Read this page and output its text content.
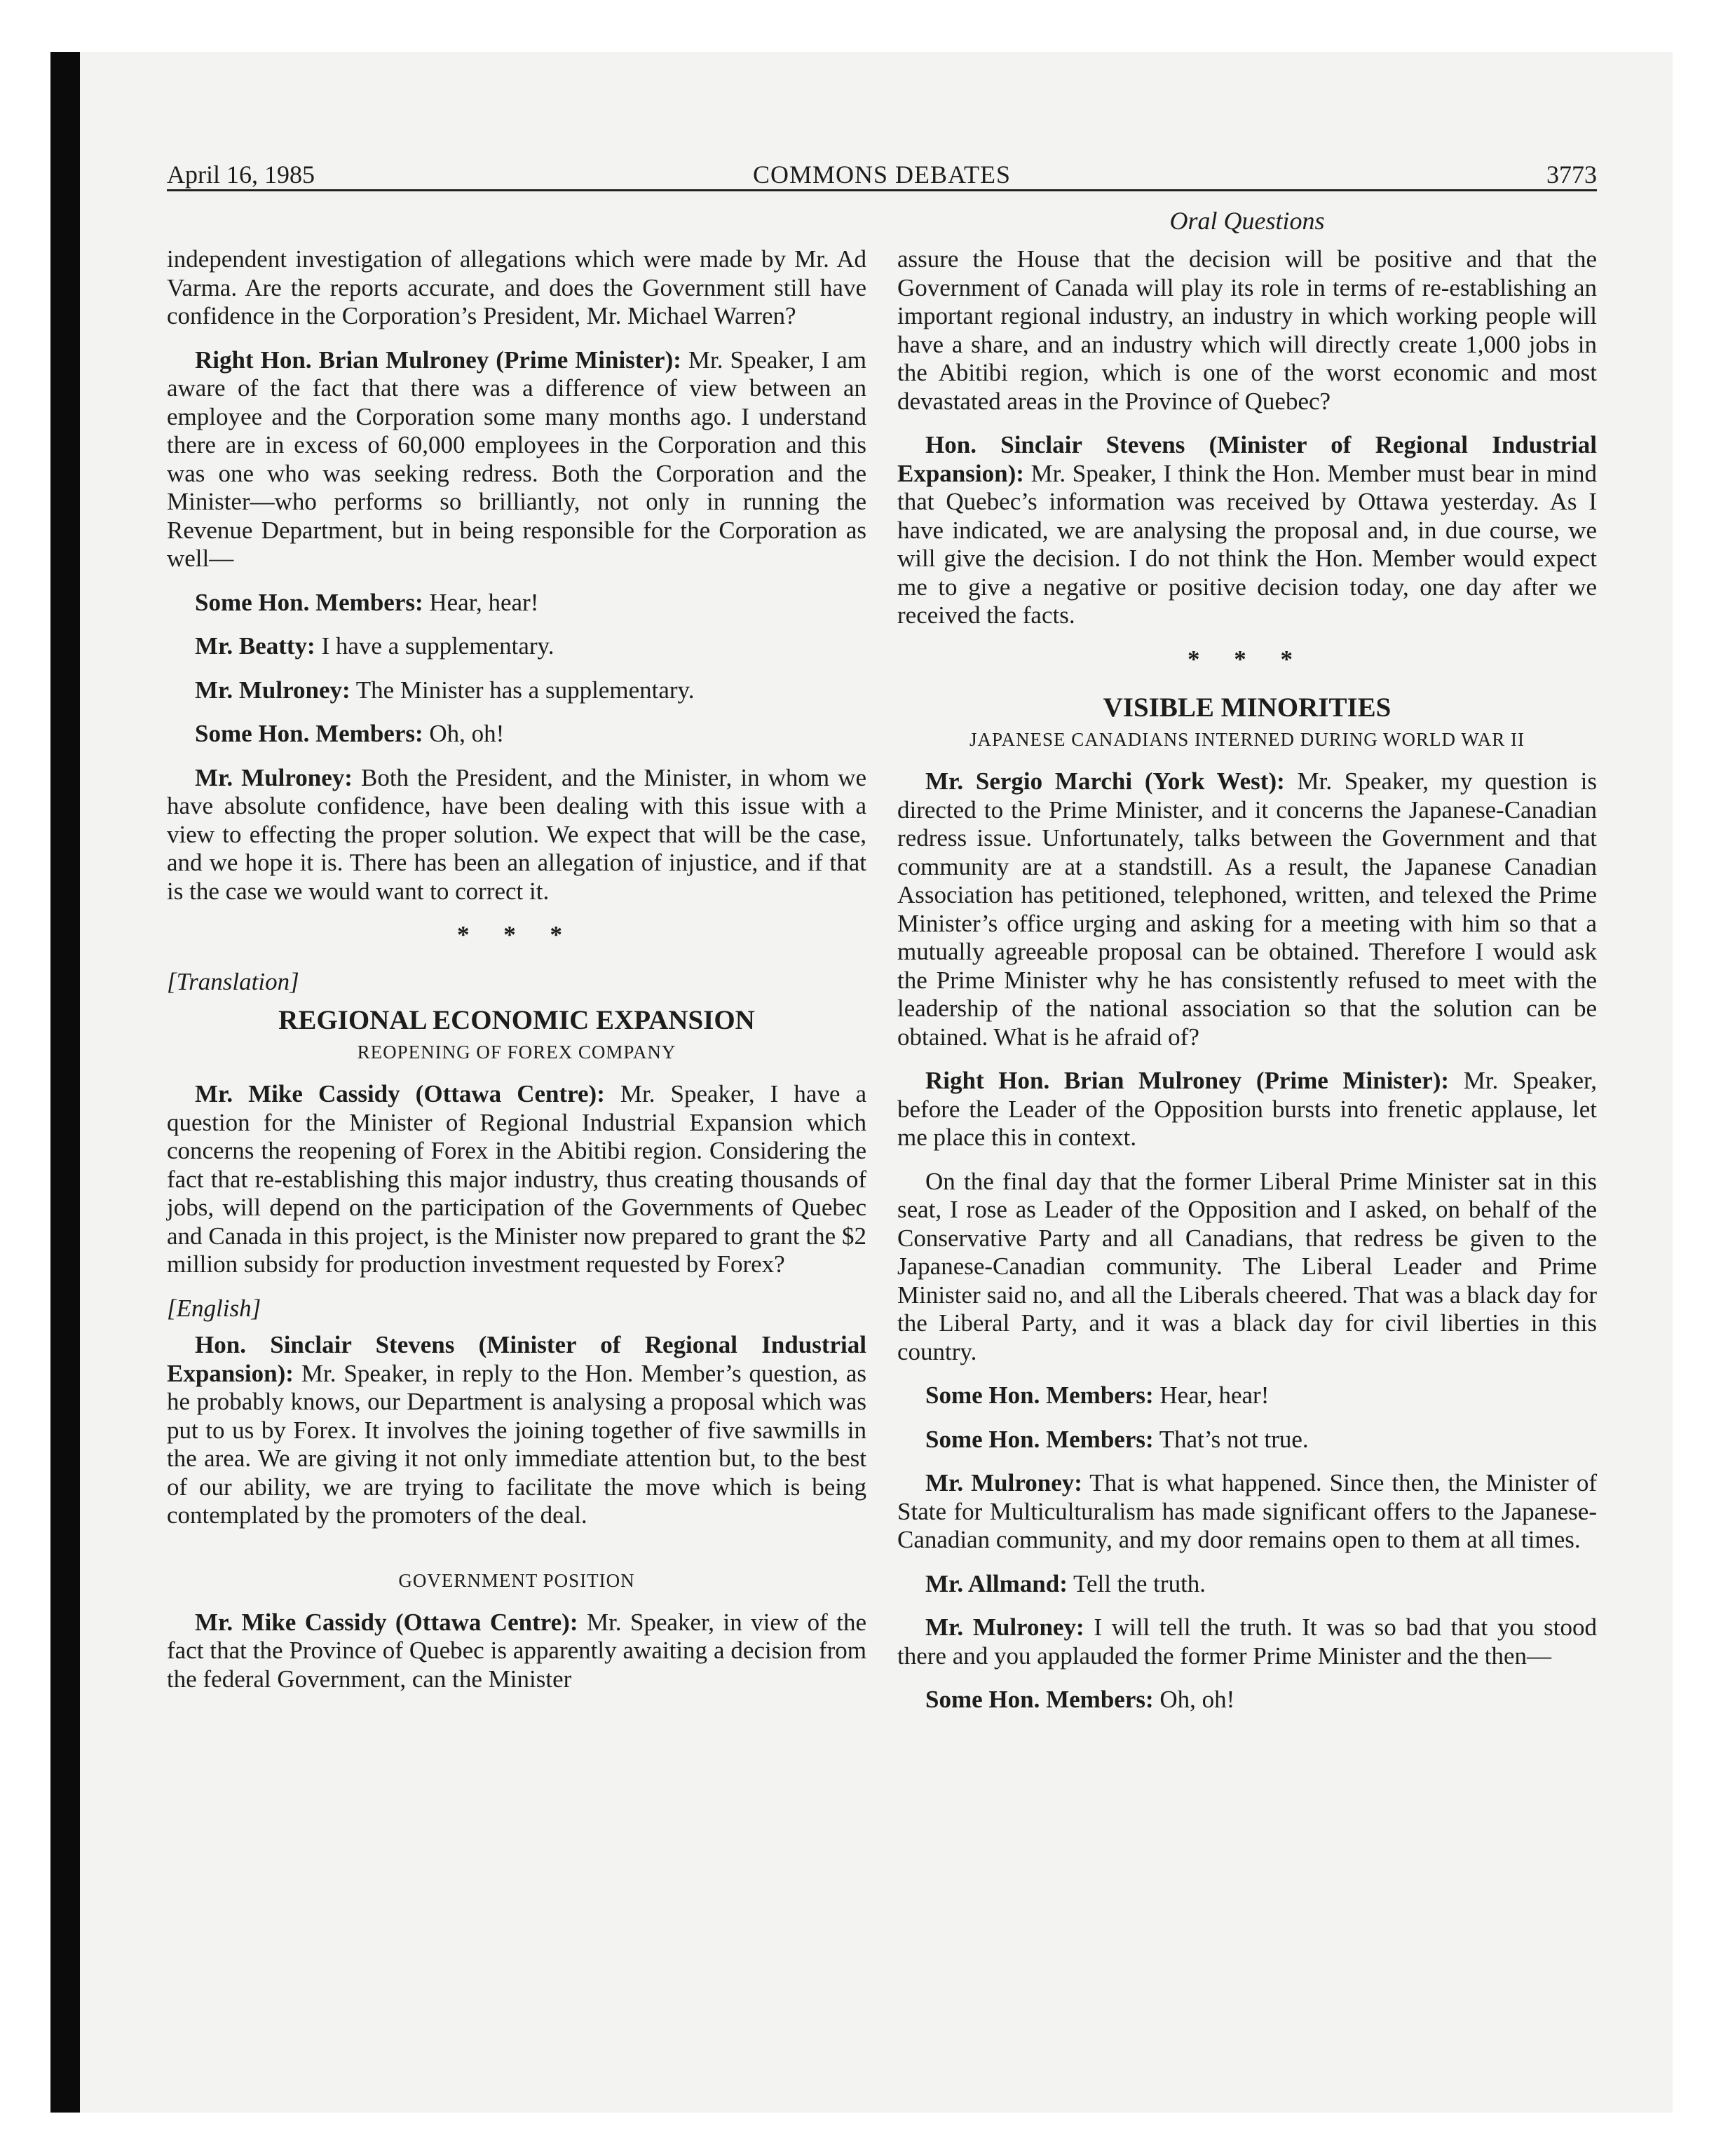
April 16, 1985	COMMONS DEBATES	3773
Oral Questions

independent investigation of allegations which were made by Mr. Ad Varma. Are the reports accurate, and does the Government still have confidence in the Corporation’s President, Mr. Michael Warren?

Right Hon. Brian Mulroney (Prime Minister): Mr. Speaker, I am aware of the fact that there was a difference of view between an employee and the Corporation some many months ago. I understand there are in excess of 60,000 employees in the Corporation and this was one who was seeking redress. Both the Corporation and the Minister—who performs so brilliantly, not only in running the Revenue Department, but in being responsible for the Corporation as well—

Some Hon. Members: Hear, hear!

Mr. Beatty: I have a supplementary.

Mr. Mulroney: The Minister has a supplementary.

Some Hon. Members: Oh, oh!

Mr. Mulroney: Both the President, and the Minister, in whom we have absolute confidence, have been dealing with this issue with a view to effecting the proper solution. We expect that will be the case, and we hope it is. There has been an allegation of injustice, and if that is the case we would want to correct it.

* * *
[Translation]
REGIONAL ECONOMIC EXPANSION
REOPENING OF FOREX COMPANY

Mr. Mike Cassidy (Ottawa Centre): Mr. Speaker, I have a question for the Minister of Regional Industrial Expansion which concerns the reopening of Forex in the Abitibi region. Considering the fact that re-establishing this major industry, thus creating thousands of jobs, will depend on the participation of the Governments of Quebec and Canada in this project, is the Minister now prepared to grant the $2 million subsidy for production investment requested by Forex?

[English]

Hon. Sinclair Stevens (Minister of Regional Industrial Expansion): Mr. Speaker, in reply to the Hon. Member’s question, as he probably knows, our Department is analysing a proposal which was put to us by Forex. It involves the joining together of five sawmills in the area. We are giving it not only immediate attention but, to the best of our ability, we are trying to facilitate the move which is being contemplated by the promoters of the deal.

GOVERNMENT POSITION

Mr. Mike Cassidy (Ottawa Centre): Mr. Speaker, in view of the fact that the Province of Quebec is apparently awaiting a decision from the federal Government, can the Minister

assure the House that the decision will be positive and that the Government of Canada will play its role in terms of re-establishing an important regional industry, an industry in which working people will have a share, and an industry which will directly create 1,000 jobs in the Abitibi region, which is one of the worst economic and most devastated areas in the Province of Quebec?

Hon. Sinclair Stevens (Minister of Regional Industrial Expansion): Mr. Speaker, I think the Hon. Member must bear in mind that Quebec’s information was received by Ottawa yesterday. As I have indicated, we are analysing the proposal and, in due course, we will give the decision. I do not think the Hon. Member would expect me to give a negative or positive decision today, one day after we received the facts.

* * *
VISIBLE MINORITIES
JAPANESE CANADIANS INTERNED DURING WORLD WAR II

Mr. Sergio Marchi (York West): Mr. Speaker, my question is directed to the Prime Minister, and it concerns the Japanese-Canadian redress issue. Unfortunately, talks between the Government and that community are at a standstill. As a result, the Japanese Canadian Association has petitioned, telephoned, written, and telexed the Prime Minister’s office urging and asking for a meeting with him so that a mutually agreeable proposal can be obtained. Therefore I would ask the Prime Minister why he has consistently refused to meet with the leadership of the national association so that the solution can be obtained. What is he afraid of?

Right Hon. Brian Mulroney (Prime Minister): Mr. Speaker, before the Leader of the Opposition bursts into frenetic applause, let me place this in context.

On the final day that the former Liberal Prime Minister sat in this seat, I rose as Leader of the Opposition and I asked, on behalf of the Conservative Party and all Canadians, that redress be given to the Japanese-Canadian community. The Liberal Leader and Prime Minister said no, and all the Liberals cheered. That was a black day for the Liberal Party, and it was a black day for civil liberties in this country.

Some Hon. Members: Hear, hear!

Some Hon. Members: That’s not true.

Mr. Mulroney: That is what happened. Since then, the Minister of State for Multiculturalism has made significant offers to the Japanese-Canadian community, and my door remains open to them at all times.

Mr. Allmand: Tell the truth.

Mr. Mulroney: I will tell the truth. It was so bad that you stood there and you applauded the former Prime Minister and the then—

Some Hon. Members: Oh, oh!
